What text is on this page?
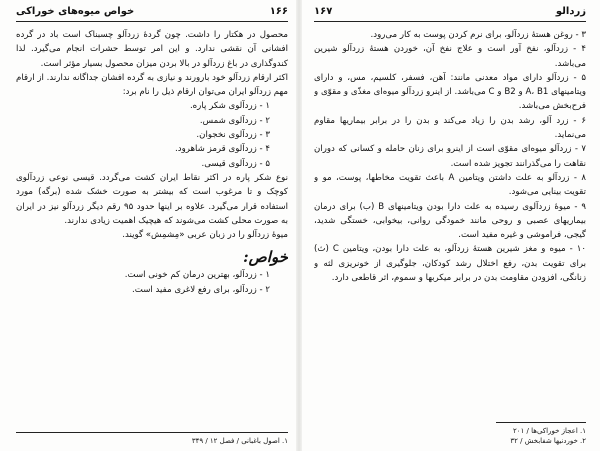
۱۶۶
خواص میوه‌های خوراکی

محصول در هکتار را داشت. چون گردهٔ زردآلو چسبناک است باد در گرده افشانی آن نقشی ندارد. و این امر توسط حشرات انجام می‌گیرد. لذا کندوگذاری در باغ زردآلو در بالا بردن میزان محصول بسیار مؤثر است.

اکثر ارقام زردآلو خود بارورند و نیازی به گرده افشان جداگانه ندارند. از ارقام مهم زردآلو ایران می‌توان ارقام ذیل را نام برد:

۱ - زردآلوی شکر پاره.

۲ - زردآلوی شمس.

۳ - زردآلوی نخجوان.

۴ - زردآلوی قرمز شاهرود.

۵ - زردآلوی قیسی.

نوع شکر پاره در اکثر نقاط ایران کشت می‌گردد. قیسی نوعی زردآلوی کوچک و تا مرغوب است که بیشتر به صورت خشک شده (برگه) مورد استفاده قرار می‌گیرد. علاوه بر اینها حدود ۹۵ رقم دیگر زردآلو نیز در ایران به صورت محلی کشت می‌شوند که هیچیک اهمیت زیادی ندارند.

میوهٔ زردآلو را در زبان عربی «مِشمِش» گویند.

خواص:

۱ - زردآلو، بهترین درمان کم خونی است.

۲ - زردآلو، برای رفع لاغری مفید است.

۱. اصول باغبانی / فصل ۱۲ / ۳۴۹

زردآلو
۱۶۷

۳ - روغن هستهٔ زردآلو، برای نرم کردن پوست به کار می‌رود.

۴ - زردآلو، نفخ آور است و علاج نفخ آن، خوردن هستهٔ زردآلو شیرین می‌باشد.

۵ - زردآلو دارای مواد معدنی مانند: آهن، فسفر، کلسیم، مس، و دارای ویتامینهای A، B1 و B2 و C می‌باشد. از اینرو زردآلو میوه‌ای مغذّی و مقوّی و فرح‌بخش می‌باشد.

۶ - زرد آلو، رشد بدن را زیاد می‌کند و بدن را در برابر بیماریها مقاوم می‌نماید.

۷ - زردآلو میوه‌ای مقوّی است از اینرو برای زنان حامله و کسانی که دوران نقاهت را می‌گذرانند تجویز شده است.

۸ - زردآلو به علت داشتن ویتامین A باعث تقویت مخاطها، پوست، مو و تقویت بینایی می‌شود.

۹ - میوهٔ زردآلوی رسیده به علت دارا بودن ویتامینهای B (ب) برای درمان بیماریهای عصبی و روحی مانند خمودگی روانی، بیخوابی، خستگی شدید، گیجی، فراموشی و غیره مفید است.

۱۰ - میوه و مغز شیرین هستهٔ زردآلو، به علت دارا بودن، ویتامین C (ث) برای تقویت بدن، رفع اختلال رشد کودکان، جلوگیری از خونریزی لثه و زنانگی، افزودن مقاومت بدن در برابر میکربها و سموم، اثر قاطعی دارد.

۱. اعجاز خوراکی‌ها / ۲۰۱

۲. خوردنیها شفابخش / ۳۲
